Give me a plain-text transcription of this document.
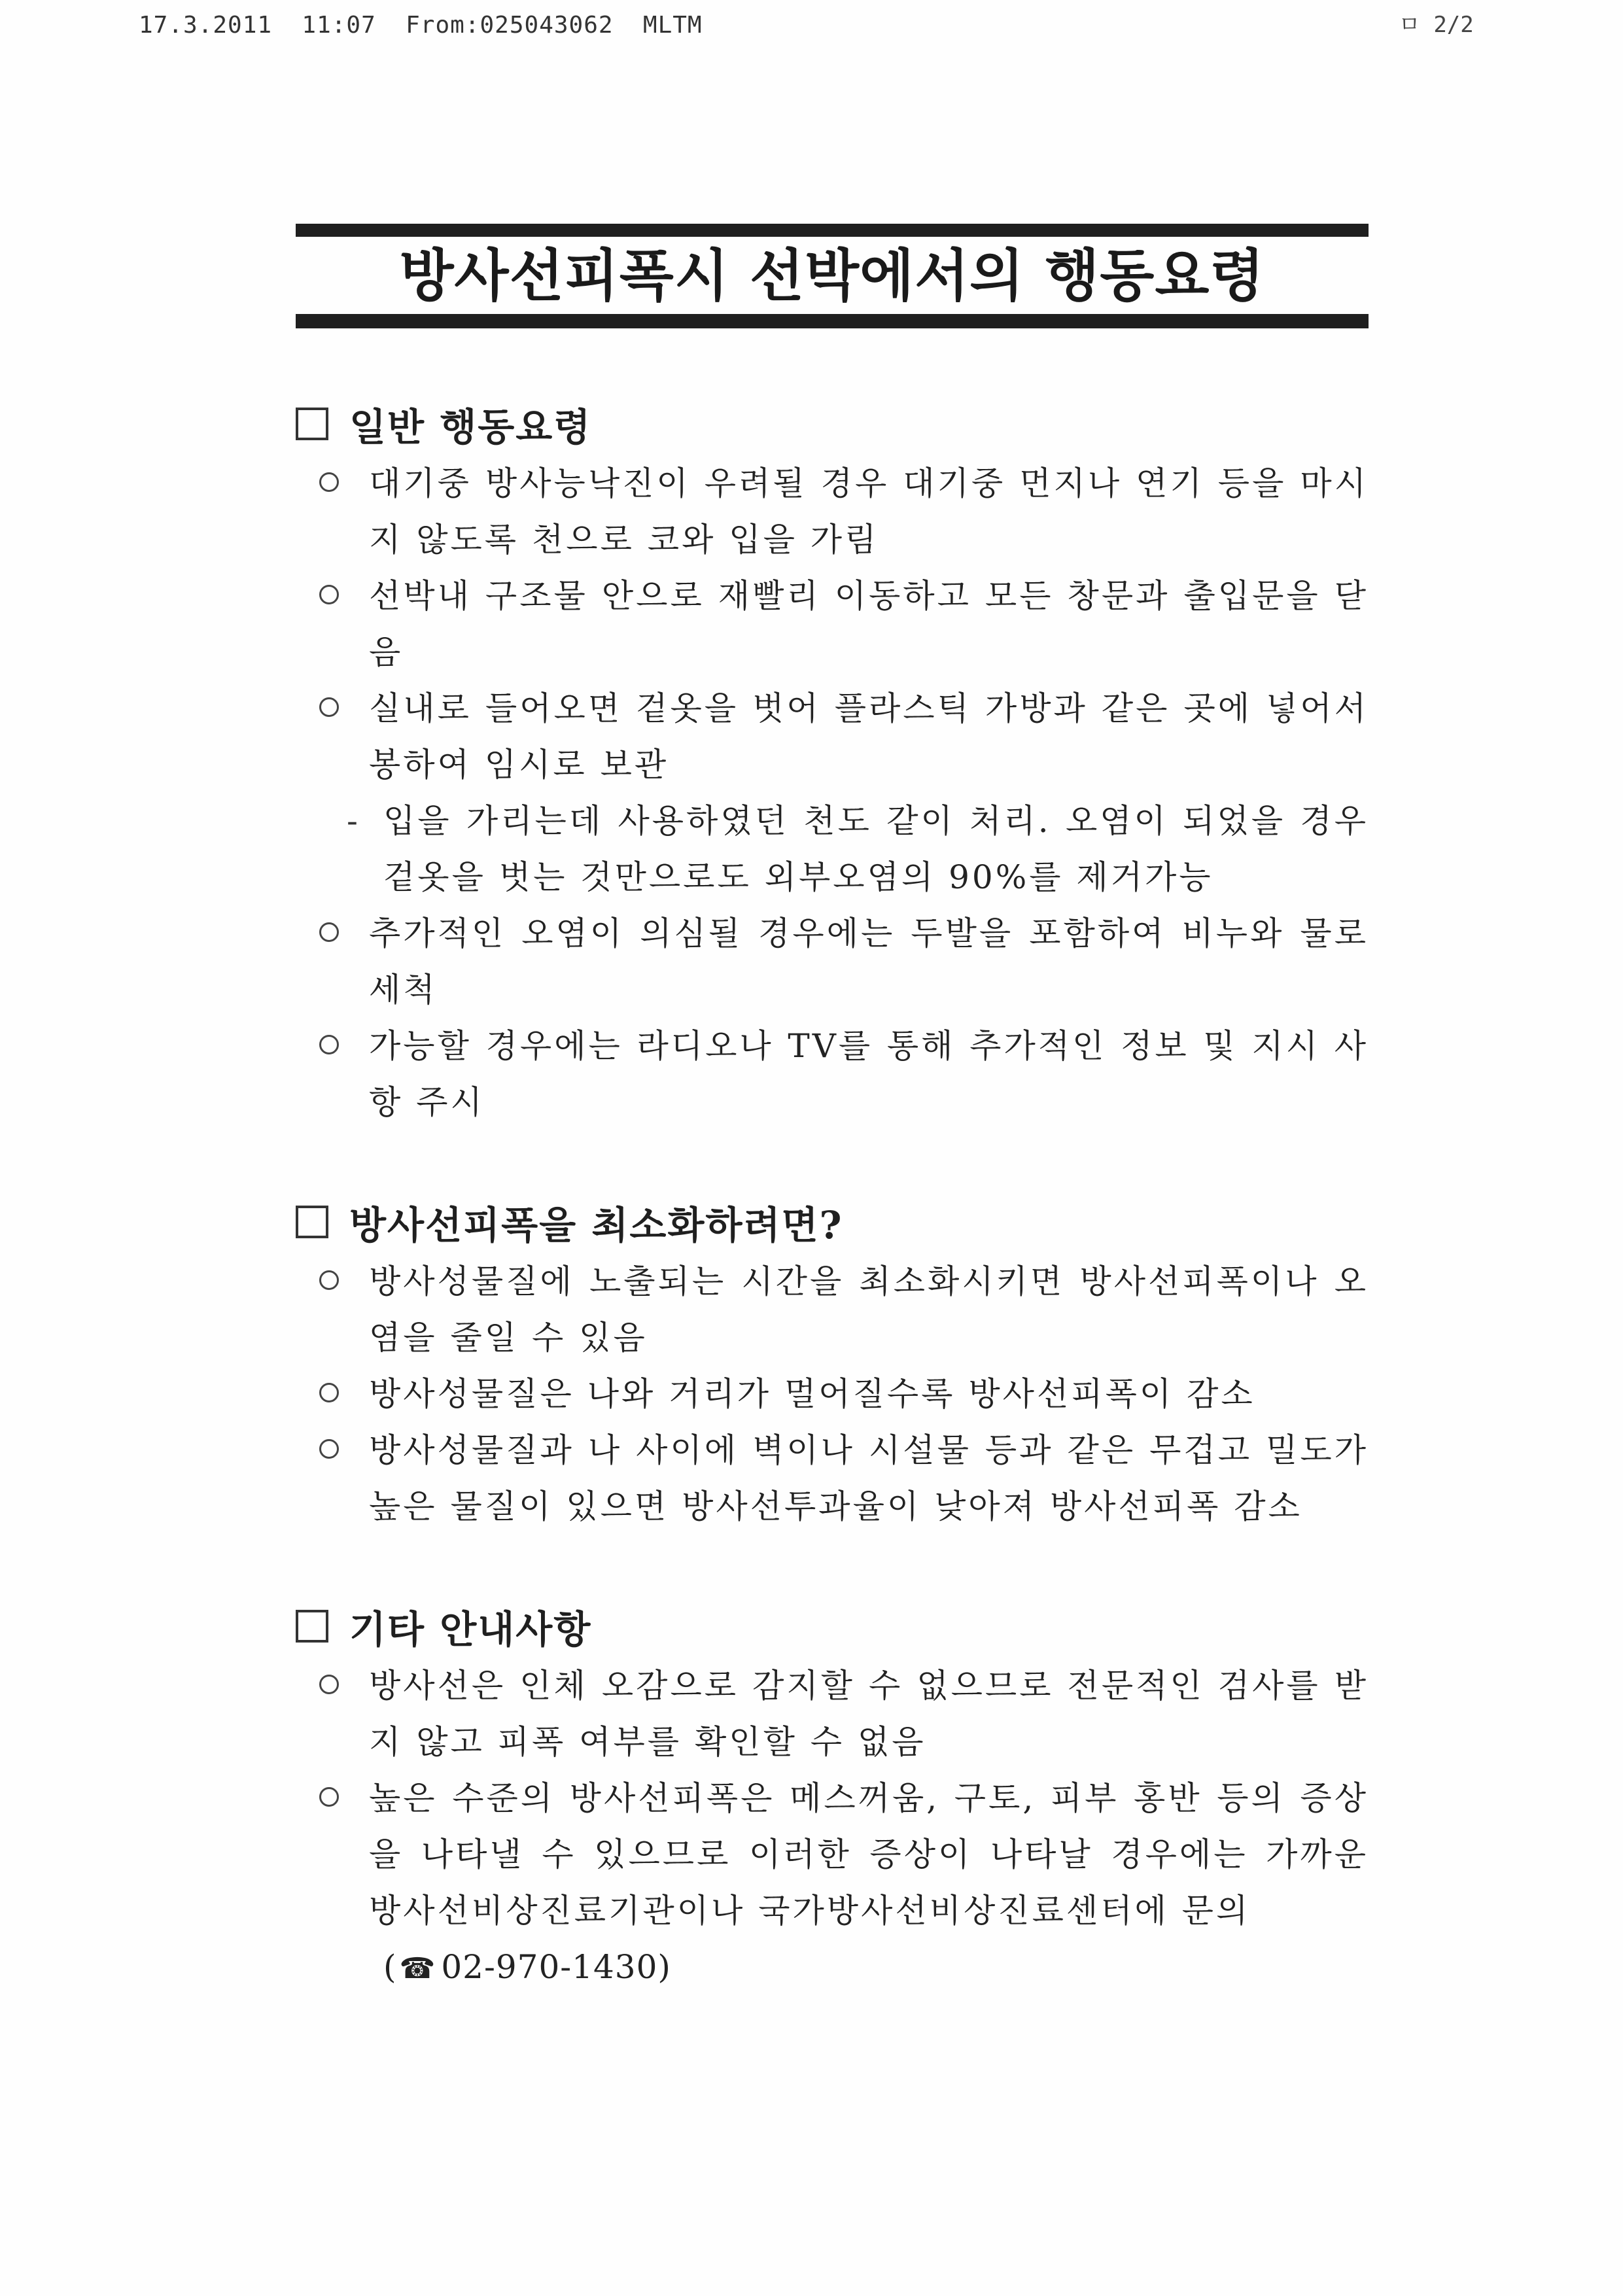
17.3.2011  11:07  From:025043062  MLTM	ㅁ 2/2
방사선피폭시 선박에서의 행동요령
일반 행동요령
대기중 방사능낙진이 우려될 경우 대기중 먼지나 연기 등을 마시지 않도록 천으로 코와 입을 가림
선박내 구조물 안으로 재빨리 이동하고 모든 창문과 출입문을 닫음
실내로 들어오면 겉옷을 벗어 플라스틱 가방과 같은 곳에 넣어서 봉하여 임시로 보관
- 입을 가리는데 사용하였던 천도 같이 처리. 오염이 되었을 경우 겉옷을 벗는 것만으로도 외부오염의 90%를 제거가능
추가적인 오염이 의심될 경우에는 두발을 포함하여 비누와 물로 세척
가능할 경우에는 라디오나 TV를 통해 추가적인 정보 및 지시 사항 주시
방사선피폭을 최소화하려면?
방사성물질에 노출되는 시간을 최소화시키면 방사선피폭이나 오염을 줄일 수 있음
방사성물질은 나와 거리가 멀어질수록 방사선피폭이 감소
방사성물질과 나 사이에 벽이나 시설물 등과 같은 무겁고 밀도가 높은 물질이 있으면 방사선투과율이 낮아져 방사선피폭 감소
기타 안내사항
방사선은 인체 오감으로 감지할 수 없으므로 전문적인 검사를 받지 않고 피폭 여부를 확인할 수 없음
높은 수준의 방사선피폭은 메스꺼움, 구토, 피부 홍반 등의 증상을 나타낼 수 있으므로 이러한 증상이 나타날 경우에는 가까운 방사선비상진료기관이나 국가방사선비상진료센터에 문의
(☎ 02-970-1430)
